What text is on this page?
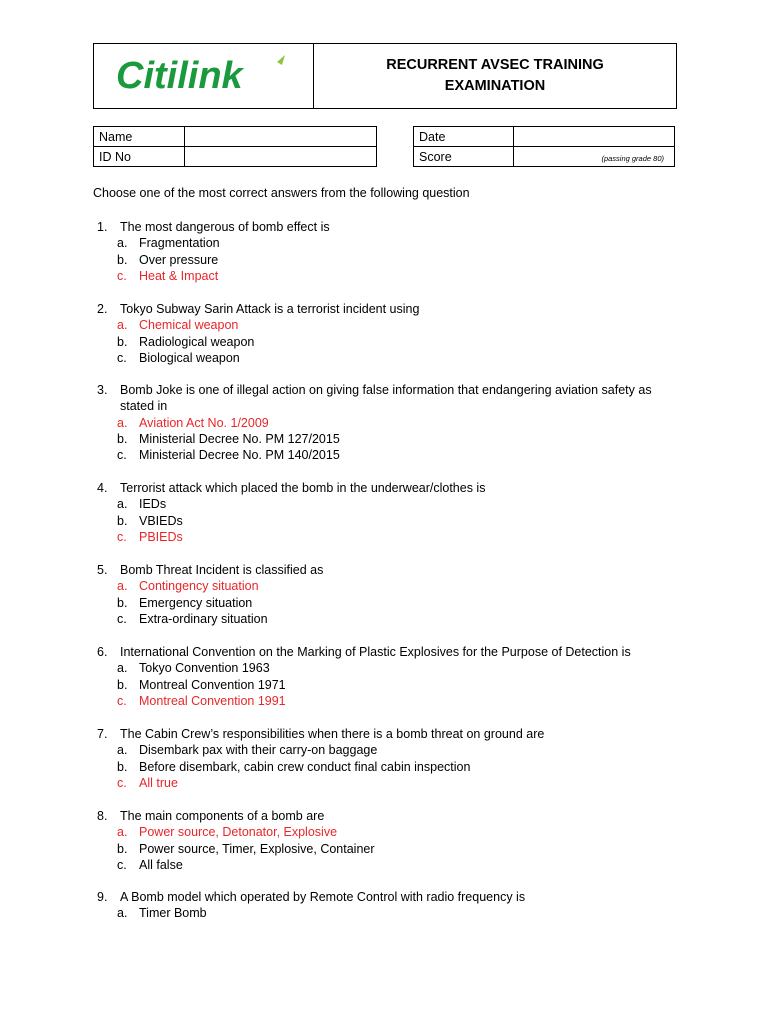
Citilink	RECURRENT AVSEC TRAINING
EXAMINATION
Name	
ID No	
Date	
Score	(passing grade 80)
Choose one of the most correct answers from the following question
1.	The most dangerous of bomb effect is
a. Fragmentation
b. Over pressure
c. Heat & Impact
2.	Tokyo Subway Sarin Attack is a terrorist incident using
a. Chemical weapon
b. Radiological weapon
c. Biological weapon
3.	Bomb Joke is one of illegal action on giving false information that endangering aviation safety as stated in
a. Aviation Act No. 1/2009
b. Ministerial Decree No. PM 127/2015
c. Ministerial Decree No. PM 140/2015
4.	Terrorist attack which placed the bomb in the underwear/clothes is
a. IEDs
b. VBIEDs
c. PBIEDs
5.	Bomb Threat Incident is classified as
a. Contingency situation
b. Emergency situation
c. Extra-ordinary situation
6.	International Convention on the Marking of Plastic Explosives for the Purpose of Detection is
a. Tokyo Convention 1963
b. Montreal Convention 1971
c. Montreal Convention 1991
7.	The Cabin Crew’s responsibilities when there is a bomb threat on ground are
a. Disembark pax with their carry-on baggage
b. Before disembark, cabin crew conduct final cabin inspection
c. All true
8.	The main components of a bomb are
a. Power source, Detonator, Explosive
b. Power source, Timer, Explosive, Container
c. All false
9.	A Bomb model which operated by Remote Control with radio frequency is
a. Timer Bomb
